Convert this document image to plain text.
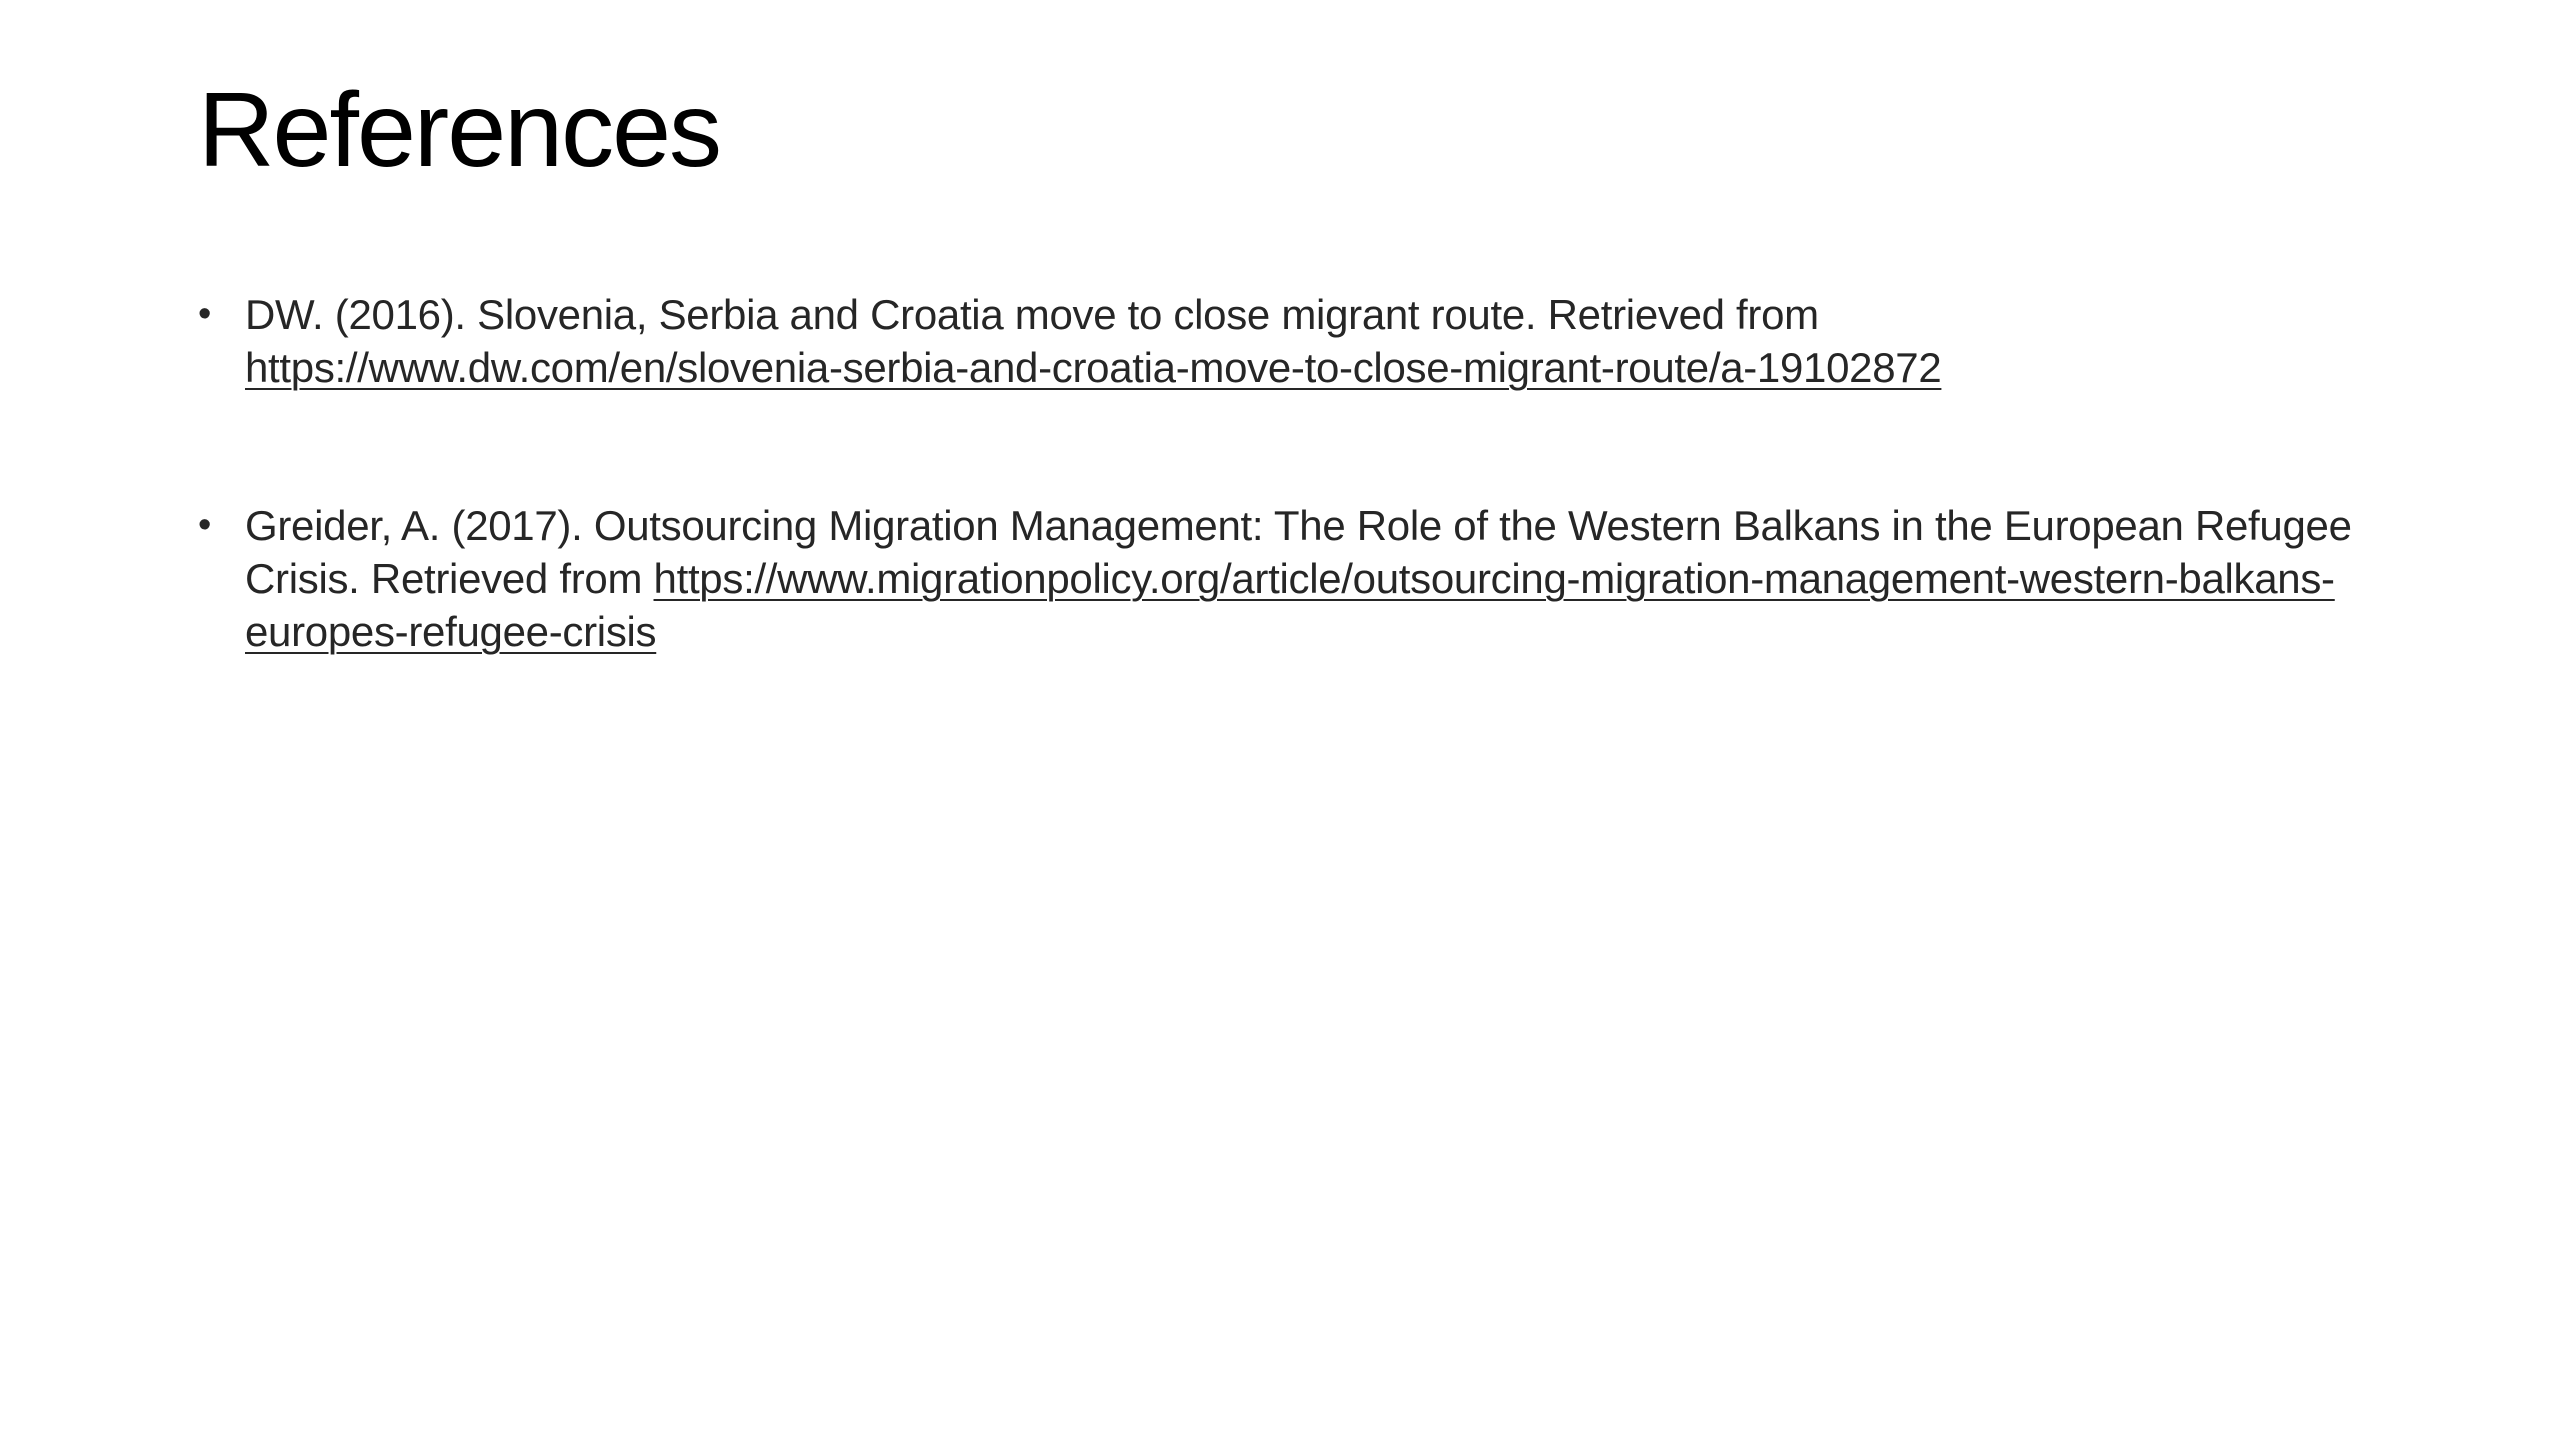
References
• DW. (2016). Slovenia, Serbia and Croatia move to close migrant route. Retrieved from
https://www.dw.com/en/slovenia-serbia-and-croatia-move-to-close-migrant-route/a-19102872
• Greider, A. (2017). Outsourcing Migration Management: The Role of the Western Balkans in the European Refugee Crisis. Retrieved from https://www.migrationpolicy.org/article/outsourcing-migration-management-western-balkans-europes-refugee-crisis
